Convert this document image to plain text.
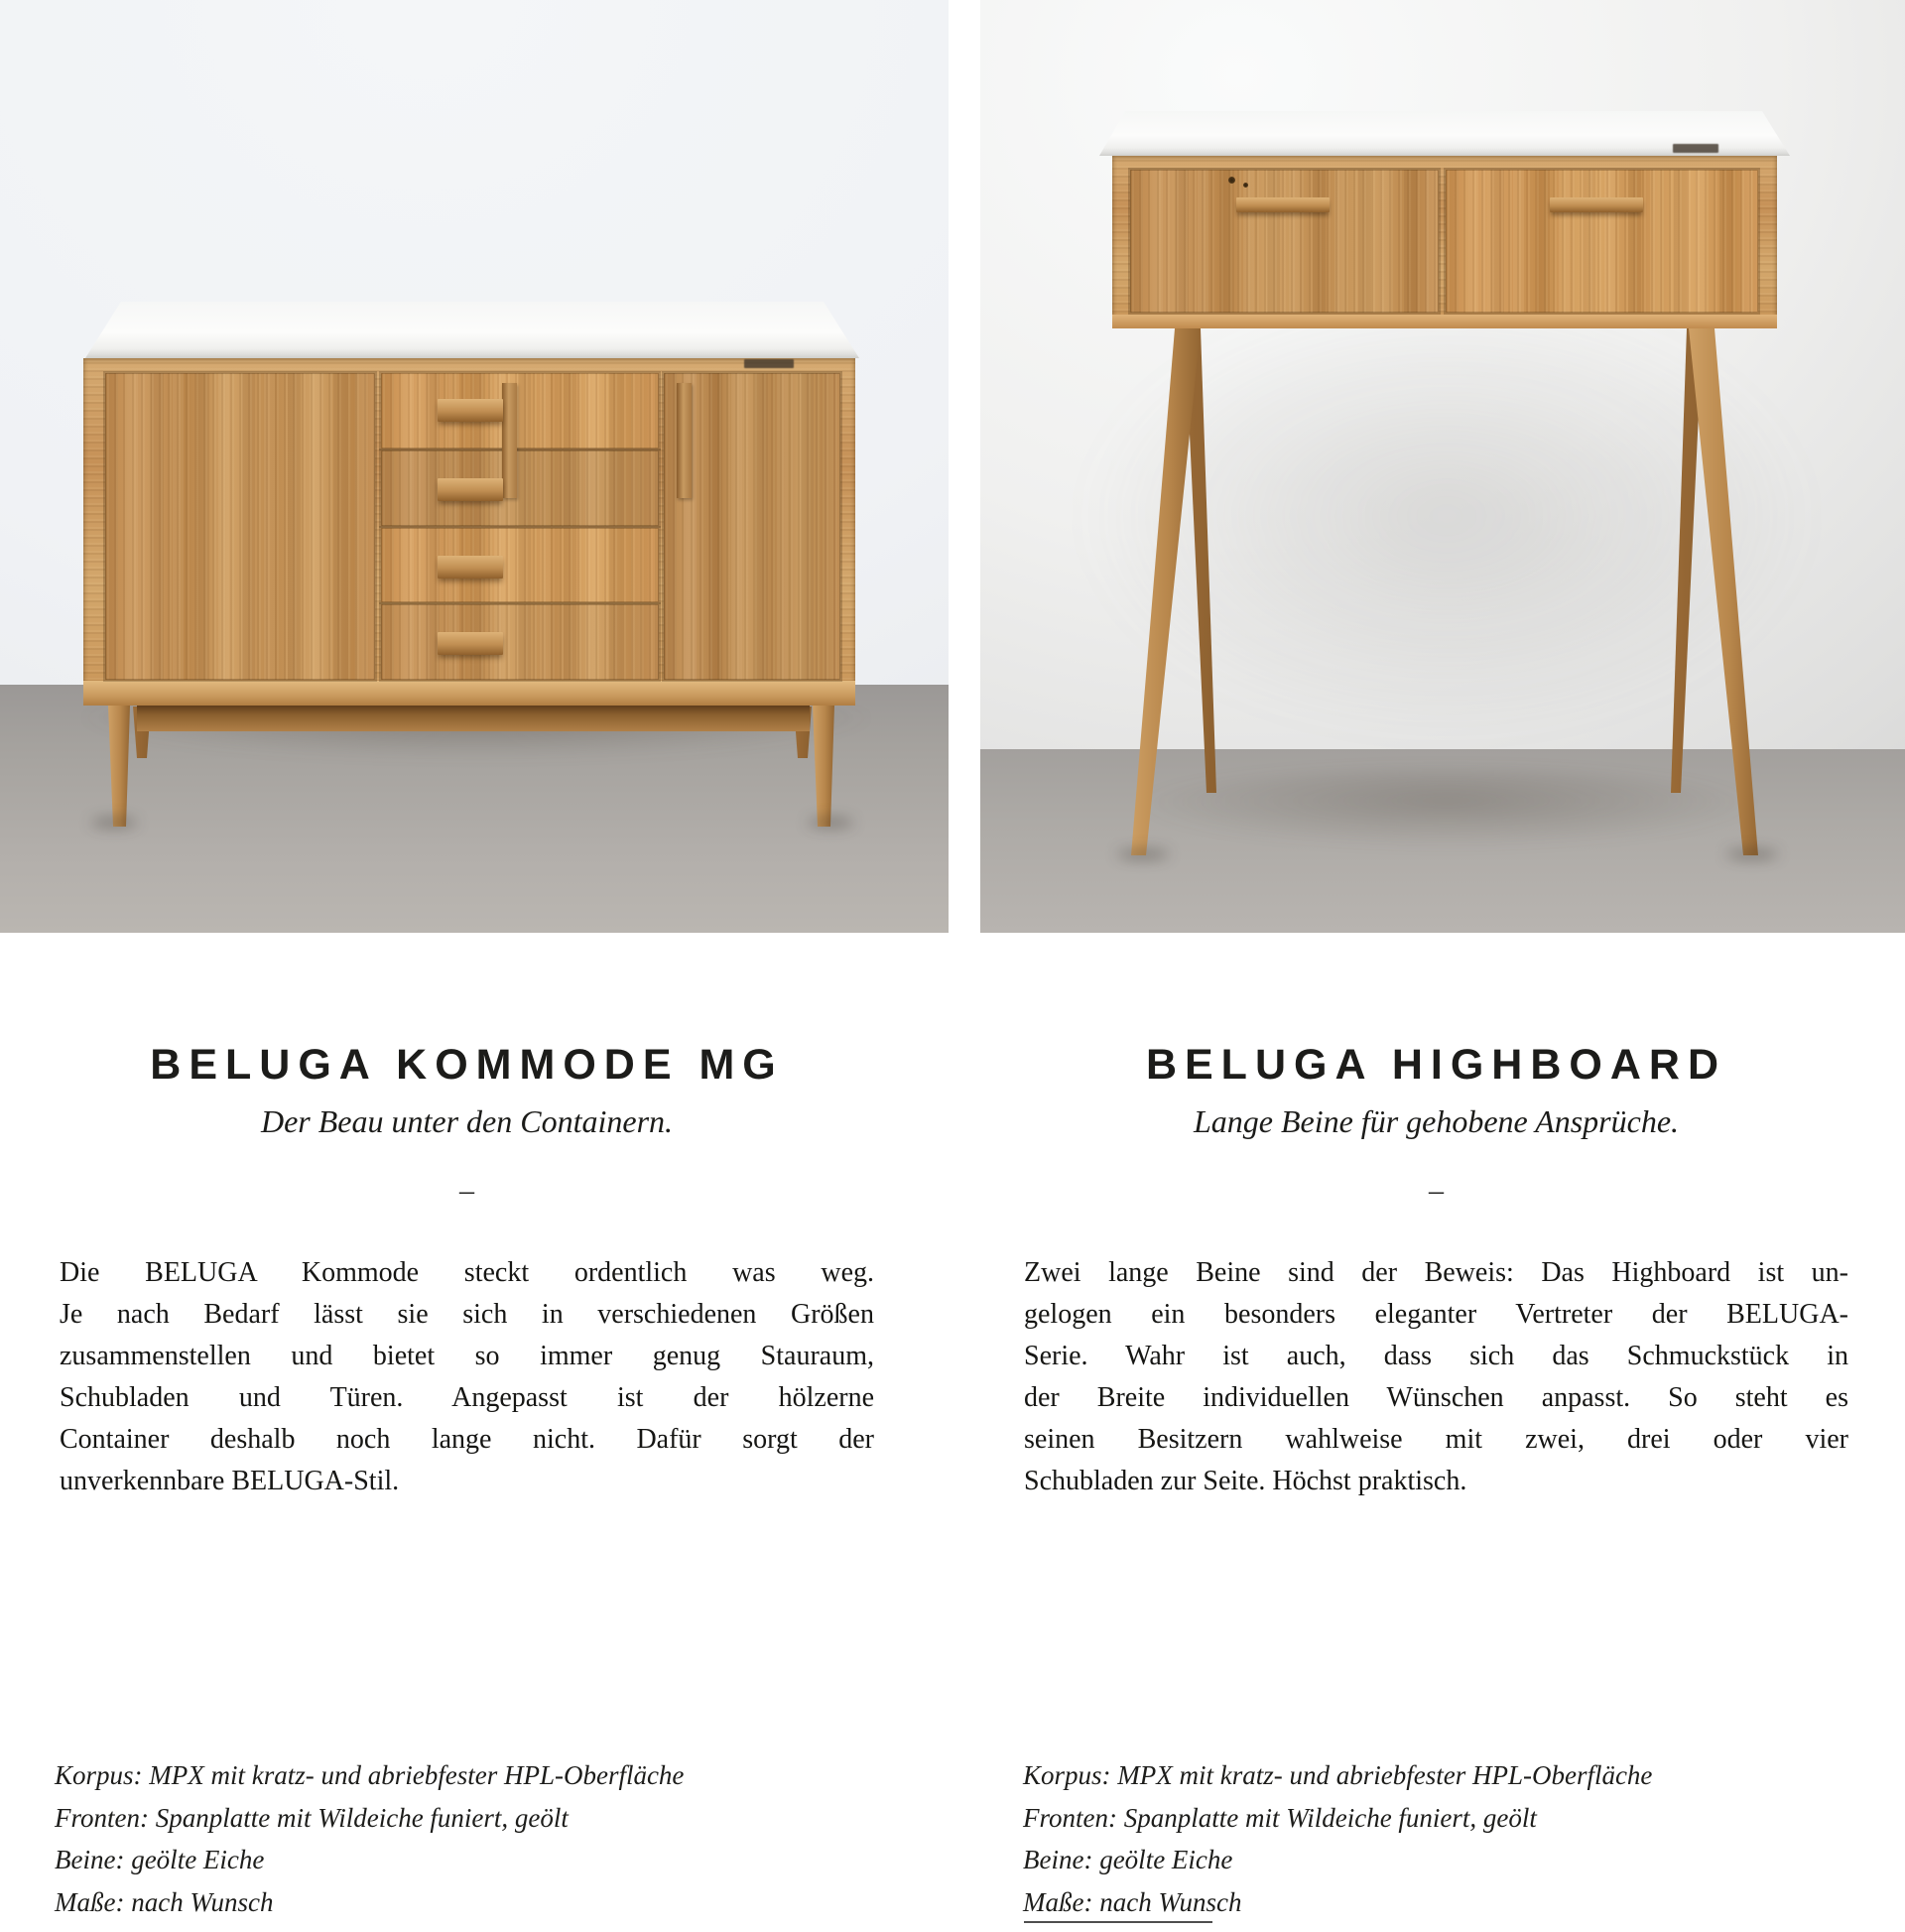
BELUGA KOMMODE MG
Der Beau unter den Containern.
–
Die BELUGA Kommode steckt ordentlich was weg.
Je nach Bedarf lässt sie sich in verschiedenen Größen
zusammenstellen und bietet so immer genug Stauraum,
Schubladen und Türen. Angepasst ist der hölzerne
Container deshalb noch lange nicht. Dafür sorgt der
unverkennbare BELUGA-Stil.
Korpus: MPX mit kratz- und abriebfester HPL-Oberfläche
Fronten: Spanplatte mit Wildeiche funiert, geölt
Beine: geölte Eiche
Maße: nach Wunsch
BELUGA HIGHBOARD
Lange Beine für gehobene Ansprüche.
–
Zwei lange Beine sind der Beweis: Das Highboard ist un-
gelogen ein besonders eleganter Vertreter der BELUGA-
Serie. Wahr ist auch, dass sich das Schmuckstück in
der Breite individuellen Wünschen anpasst. So steht es
seinen Besitzern wahlweise mit zwei, drei oder vier
Schubladen zur Seite. Höchst praktisch.
Korpus: MPX mit kratz- und abriebfester HPL-Oberfläche
Fronten: Spanplatte mit Wildeiche funiert, geölt
Beine: geölte Eiche
Maße: nach Wunsch
